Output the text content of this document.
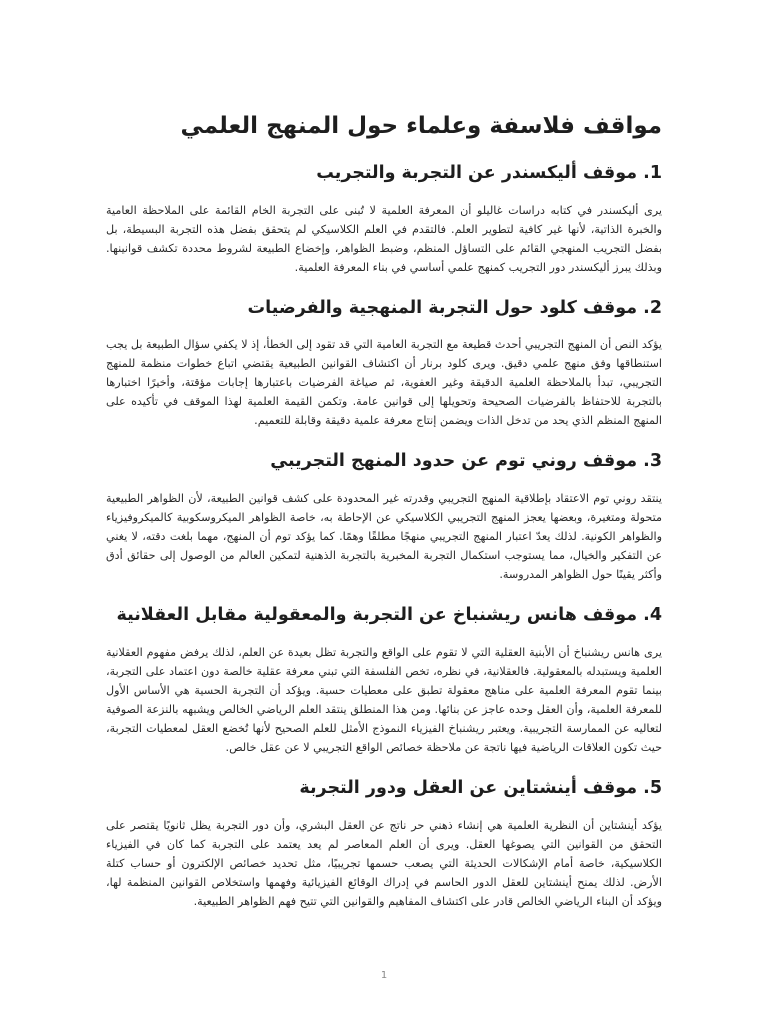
مواقف فلاسفة وعلماء حول المنهج العلمي
1. موقف أليكسندر عن التجربة والتجريب

يرى أليكسندر في كتابه دراسات غاليلو أن المعرفة العلمية لا تُبنى على التجربة الخام القائمة على الملاحظة العامية والخبرة الذاتية، لأنها غير كافية لتطوير العلم. فالتقدم في العلم الكلاسيكي لم يتحقق بفضل هذه التجربة البسيطة، بل بفضل التجريب المنهجي القائم على التساؤل المنظم، وضبط الظواهر، وإخضاع الطبيعة لشروط محددة تكشف قوانينها. وبذلك يبرز أليكسندر دور التجريب كمنهج علمي أساسي في بناء المعرفة العلمية.

2. موقف كلود حول التجربة المنهجية والفرضيات

يؤكد النص أن المنهج التجريبي أحدث قطيعة مع التجربة العامية التي قد تقود إلى الخطأ، إذ لا يكفي سؤال الطبيعة بل يجب استنطاقها وفق منهج علمي دقيق. ويرى كلود برنار أن اكتشاف القوانين الطبيعية يقتضي اتباع خطوات منظمة للمنهج التجريبي، تبدأ بالملاحظة العلمية الدقيقة وغير العفوية، ثم صياغة الفرضيات باعتبارها إجابات مؤقتة، وأخيرًا اختبارها بالتجربة للاحتفاظ بالفرضيات الصحيحة وتحويلها إلى قوانين عامة. وتكمن القيمة العلمية لهذا الموقف في تأكيده على المنهج المنظم الذي يحد من تدخل الذات ويضمن إنتاج معرفة علمية دقيقة وقابلة للتعميم.

3. موقف روني توم عن حدود المنهج التجريبي

ينتقد روني توم الاعتقاد بإطلاقية المنهج التجريبي وقدرته غير المحدودة على كشف قوانين الطبيعة، لأن الظواهر الطبيعية متحولة ومتغيرة، وبعضها يعجز المنهج التجريبي الكلاسيكي عن الإحاطة به، خاصة الظواهر الميكروسكوبية كالميكروفيزياء والظواهر الكونية. لذلك يعدّ اعتبار المنهج التجريبي منهجًا مطلقًا وهمًا. كما يؤكد توم أن المنهج، مهما بلغت دقته، لا يغني عن التفكير والخيال، مما يستوجب استكمال التجربة المخبرية بالتجربة الذهنية لتمكين العالم من الوصول إلى حقائق أدق وأكثر يقينًا حول الظواهر المدروسة.

4. موقف هانس ريشنباخ عن التجربة والمعقولية مقابل العقلانية

يرى هانس ريشنباخ أن الأبنية العقلية التي لا تقوم على الواقع والتجربة تظل بعيدة عن العلم، لذلك يرفض مفهوم العقلانية العلمية ويستبدله بالمعقولية. فالعقلانية، في نظره، تخص الفلسفة التي تبني معرفة عقلية خالصة دون اعتماد على التجربة، بينما تقوم المعرفة العلمية على مناهج معقولة تطبق على معطيات حسية. ويؤكد أن التجربة الحسية هي الأساس الأول للمعرفة العلمية، وأن العقل وحده عاجز عن بنائها. ومن هذا المنطلق ينتقد العلم الرياضي الخالص ويشبهه بالنزعة الصوفية لتعاليه عن الممارسة التجريبية. ويعتبر ريشنباخ الفيزياء النموذج الأمثل للعلم الصحيح لأنها تُخضع العقل لمعطيات التجربة، حيث تكون العلاقات الرياضية فيها ناتجة عن ملاحظة خصائص الواقع التجريبي لا عن عقل خالص.

5. موقف أينشتاين عن العقل ودور التجربة

يؤكد أينشتاين أن النظرية العلمية هي إنشاء ذهني حر ناتج عن العقل البشري، وأن دور التجربة يظل ثانويًا يقتصر على التحقق من القوانين التي يصوغها العقل. ويرى أن العلم المعاصر لم يعد يعتمد على التجربة كما كان في الفيزياء الكلاسيكية، خاصة أمام الإشكالات الحديثة التي يصعب حسمها تجريبيًا، مثل تحديد خصائص الإلكترون أو حساب كتلة الأرض. لذلك يمنح أينشتاين للعقل الدور الحاسم في إدراك الوقائع الفيزيائية وفهمها واستخلاص القوانين المنظمة لها، ويؤكد أن البناء الرياضي الخالص قادر على اكتشاف المفاهيم والقوانين التي تتيح فهم الظواهر الطبيعية.

1
